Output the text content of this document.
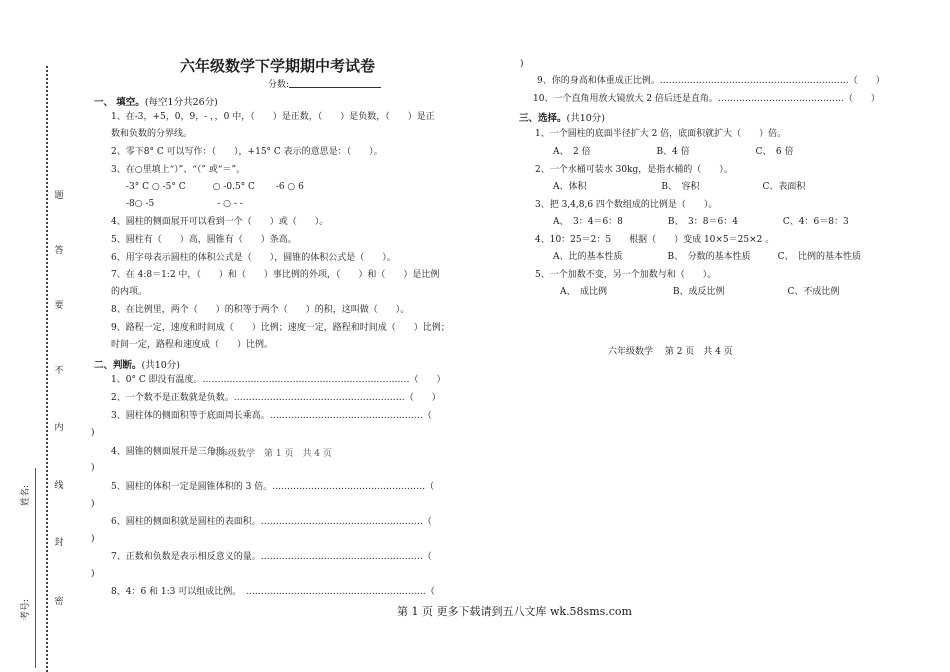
题
答
要
不
内
线
封
密
姓名:
考号:
六年级数学下学期期中考试卷
分数:
一、 填空。(每空1分共26分)
1、在-3，+5，0，9，- ，，0 中，（　　）是正数，（　　）是负数，（　　）是正
数和负数的分界线。
2、零下8° C 可以写作：（　　），+15° C 表示的意思是：（　　）。
3、在○里填上“）”、“（” 或“＝”。
-3° C ○ -5° C　　　○ -0.5° C　　 -6 ○ 6
-8○ -5　　　　　　　- ○ - -
4、圆柱的侧面展开可以看到一个（　　）或（　　）。
5、圆柱有（　　）高，圆锥有（　　）条高。
6、用字母表示圆柱的体积公式是（　　），圆锥的体积公式是（　　）。
7、在 4:8＝1:2 中，（　　）和（　　）事比例的外项，（　　）和（　　）是比例
的内项。
8、在比例里，两个（　　）的积等于两个（　　）的积，这叫做（　　）。
9、路程一定，速度和时间成（　　）比例；速度一定，路程和时间成（　　）比例；
时间一定，路程和速度成（　　）比例。
二、判断。(共10分)
1、0° C 即没有温度。……………………………………………………………（　　）
2、一个数不是正数就是负数。…………………………………………………（　　）
3、圆柱体的侧面积等于底面周长乘高。……………………………………………（
)
4、圆锥的侧面展开是三角形。
六年级数学　第 1 页　共 4 页
)
5、圆柱的体积一定是圆锥体积的 3 倍。……………………………………………（
)
6、圆柱的侧面积就是圆柱的表面积。………………………………………………（
)
7、正数和负数是表示相反意义的量。………………………………………………（
)
8、4：6 和 1:3 可以组成比例。　……………………………………………………（
)
9、你的身高和体重成正比例。………………………………………………………（　　）
10、一个直角用放大镜放大 2 倍后还是直角。……………………………………（　　）
三、选择。(共10分)
1、一个圆柱的底面半径扩大 2 倍，底面积就扩大（　　）倍。
A、　2 倍　　　　　　　 B、4 倍　　　　　　　 C、　6 倍
2、一个水桶可装水 30kg，是指水桶的（　　）。
A、体积　　　　　　　　 B、　容积　　　　　　　C、表面积
3、把 3,4,8,6 四个数组成的比例是（　　）。
A、　3：4＝6：8　　　　　B、　3：8＝6：4　　　　　C、4：6＝8：3
4、10：25＝2：5　　根据（　　）变成 10×5＝25×2 。
A、比的基本性质　　　　　B、　分数的基本性质　　　C、　比例的基本性质
5、一个加数不变，另一个加数与和（　　）。
A、　成比例　　　　　　　 B、成反比例　　　　　　　C、不成比例
六年级数学　 第 2 页　共 4 页
第 1 页 更多下载请到五八文库 wk.58sms.com
